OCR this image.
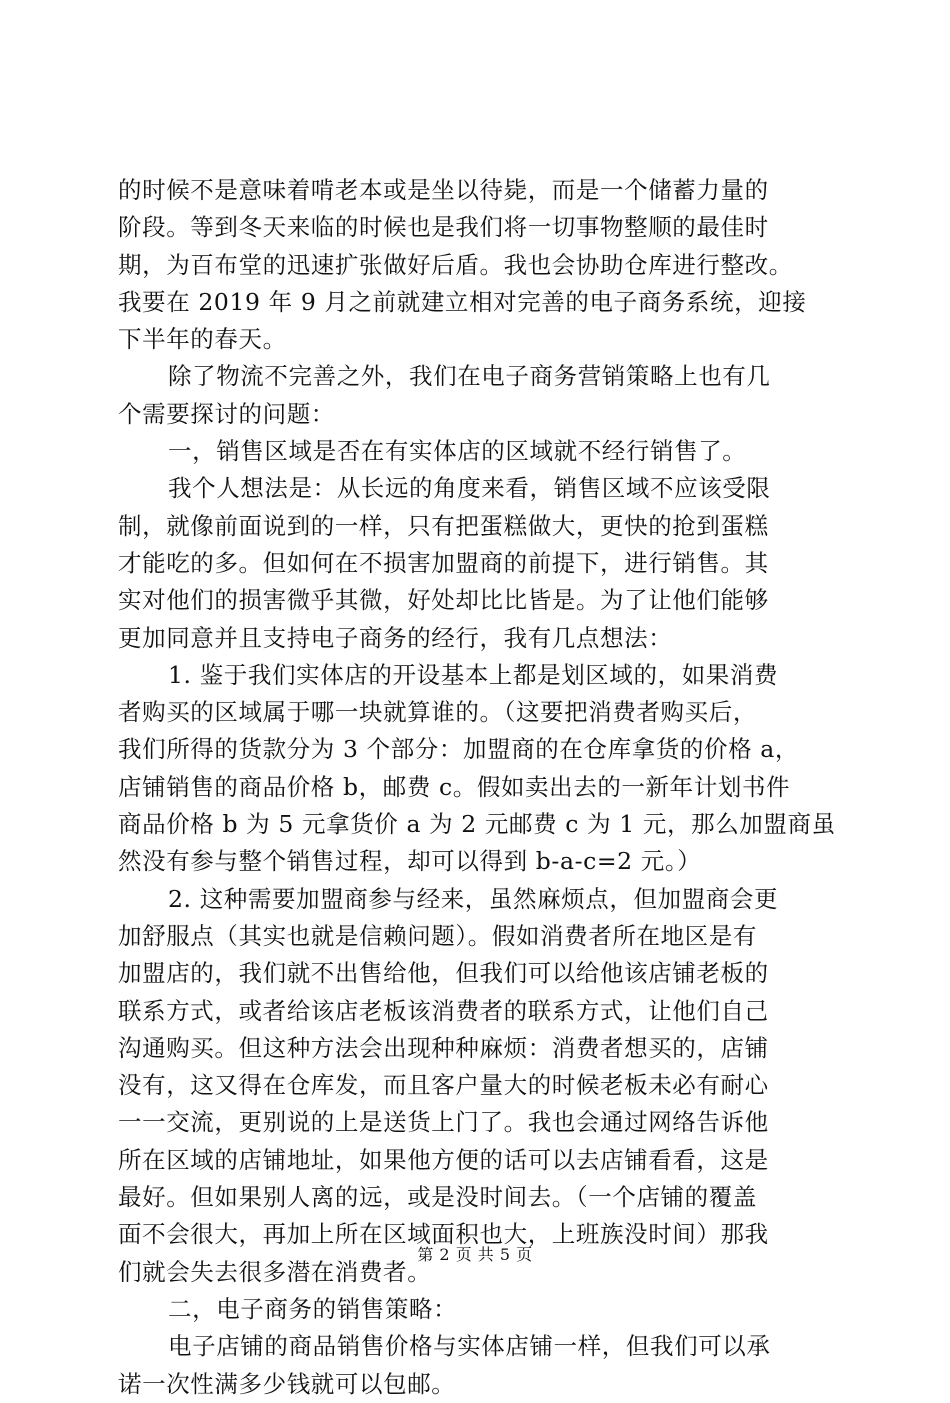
的时候不是意味着啃老本或是坐以待毙，而是一个储蓄力量的
阶段。等到冬天来临的时候也是我们将一切事物整顺的最佳时
期，为百布堂的迅速扩张做好后盾。我也会协助仓库进行整改。
我要在 2019 年 9 月之前就建立相对完善的电子商务系统，迎接
下半年的春天。

除了物流不完善之外，我们在电子商务营销策略上也有几
个需要探讨的问题：

一，销售区域是否在有实体店的区域就不经行销售了。

我个人想法是：从长远的角度来看，销售区域不应该受限
制，就像前面说到的一样，只有把蛋糕做大，更快的抢到蛋糕
才能吃的多。但如何在不损害加盟商的前提下，进行销售。其
实对他们的损害微乎其微，好处却比比皆是。为了让他们能够
更加同意并且支持电子商务的经行，我有几点想法：

1. 鉴于我们实体店的开设基本上都是划区域的，如果消费
者购买的区域属于哪一块就算谁的。（这要把消费者购买后，
我们所得的货款分为 3 个部分：加盟商的在仓库拿货的价格 a，
店铺销售的商品价格 b，邮费 c。假如卖出去的一新年计划书件
商品价格 b 为 5 元拿货价 a 为 2 元邮费 c 为 1 元，那么加盟商虽
然没有参与整个销售过程，却可以得到 b-a-c=2 元。）

2. 这种需要加盟商参与经来，虽然麻烦点，但加盟商会更
加舒服点（其实也就是信赖问题）。假如消费者所在地区是有
加盟店的，我们就不出售给他，但我们可以给他该店铺老板的
联系方式，或者给该店老板该消费者的联系方式，让他们自己
沟通购买。但这种方法会出现种种麻烦：消费者想买的，店铺
没有，这又得在仓库发，而且客户量大的时候老板未必有耐心
一一交流，更别说的上是送货上门了。我也会通过网络告诉他
所在区域的店铺地址，如果他方便的话可以去店铺看看，这是
最好。但如果别人离的远，或是没时间去。（一个店铺的覆盖
面不会很大，再加上所在区域面积也大，上班族没时间）那我
们就会失去很多潜在消费者。

二，电子商务的销售策略：

电子店铺的商品销售价格与实体店铺一样，但我们可以承
诺一次性满多少钱就可以包邮。

第 2 页 共 5 页
